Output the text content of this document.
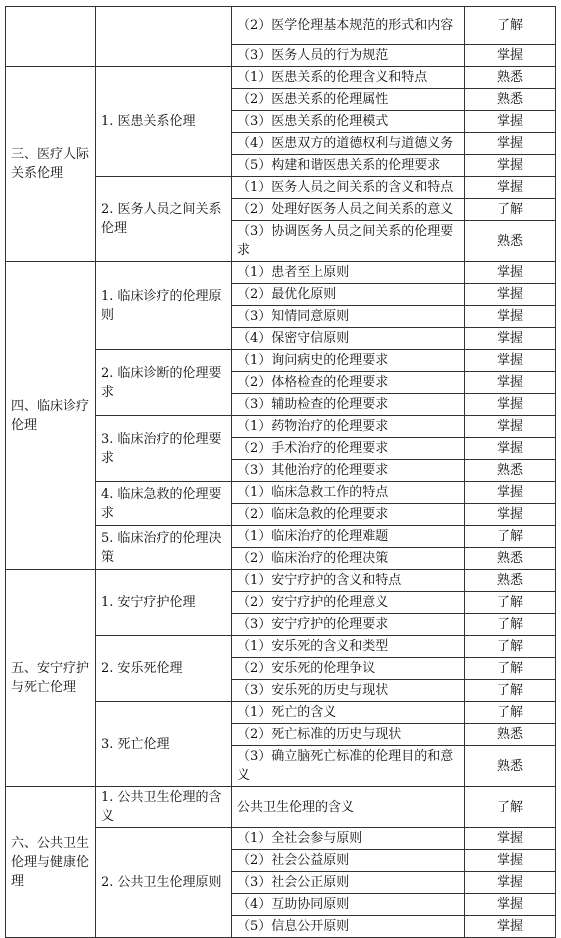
		（2）医学伦理基本规范的形式和内容	了解
		（3）医务人员的行为规范	掌握
三、医疗人际关系伦理	1. 医患关系伦理	（1）医患关系的伦理含义和特点	熟悉
		（2）医患关系的伦理属性	熟悉
		（3）医患关系的伦理模式	掌握
		（4）医患双方的道德权利与道德义务	掌握
		（5）构建和谐医患关系的伦理要求	掌握
	2. 医务人员之间关系伦理	（1）医务人员之间关系的含义和特点	掌握
		（2）处理好医务人员之间关系的意义	了解
		（3）协调医务人员之间关系的伦理要求	熟悉
四、临床诊疗伦理	1. 临床诊疗的伦理原则	（1）患者至上原则	掌握
		（2）最优化原则	掌握
		（3）知情同意原则	掌握
		（4）保密守信原则	掌握
	2. 临床诊断的伦理要求	（1）询问病史的伦理要求	掌握
		（2）体格检查的伦理要求	掌握
		（3）辅助检查的伦理要求	掌握
	3. 临床治疗的伦理要求	（1）药物治疗的伦理要求	掌握
		（2）手术治疗的伦理要求	掌握
		（3）其他治疗的伦理要求	熟悉
	4. 临床急救的伦理要求	（1）临床急救工作的特点	掌握
		（2）临床急救的伦理要求	掌握
	5. 临床治疗的伦理决策	（1）临床治疗的伦理难题	了解
		（2）临床治疗的伦理决策	熟悉
五、安宁疗护与死亡伦理	1. 安宁疗护伦理	（1）安宁疗护的含义和特点	熟悉
		（2）安宁疗护的伦理意义	了解
		（3）安宁疗护的伦理要求	了解
	2. 安乐死伦理	（1）安乐死的含义和类型	了解
		（2）安乐死的伦理争议	了解
		（3）安乐死的历史与现状	了解
	3. 死亡伦理	（1）死亡的含义	了解
		（2）死亡标准的历史与现状	熟悉
		（3）确立脑死亡标准的伦理目的和意义	熟悉
六、公共卫生伦理与健康伦理	1. 公共卫生伦理的含义	公共卫生伦理的含义	了解
	2. 公共卫生伦理原则	（1）全社会参与原则	掌握
		（2）社会公益原则	掌握
		（3）社会公正原则	掌握
		（4）互助协同原则	掌握
		（5）信息公开原则	掌握
